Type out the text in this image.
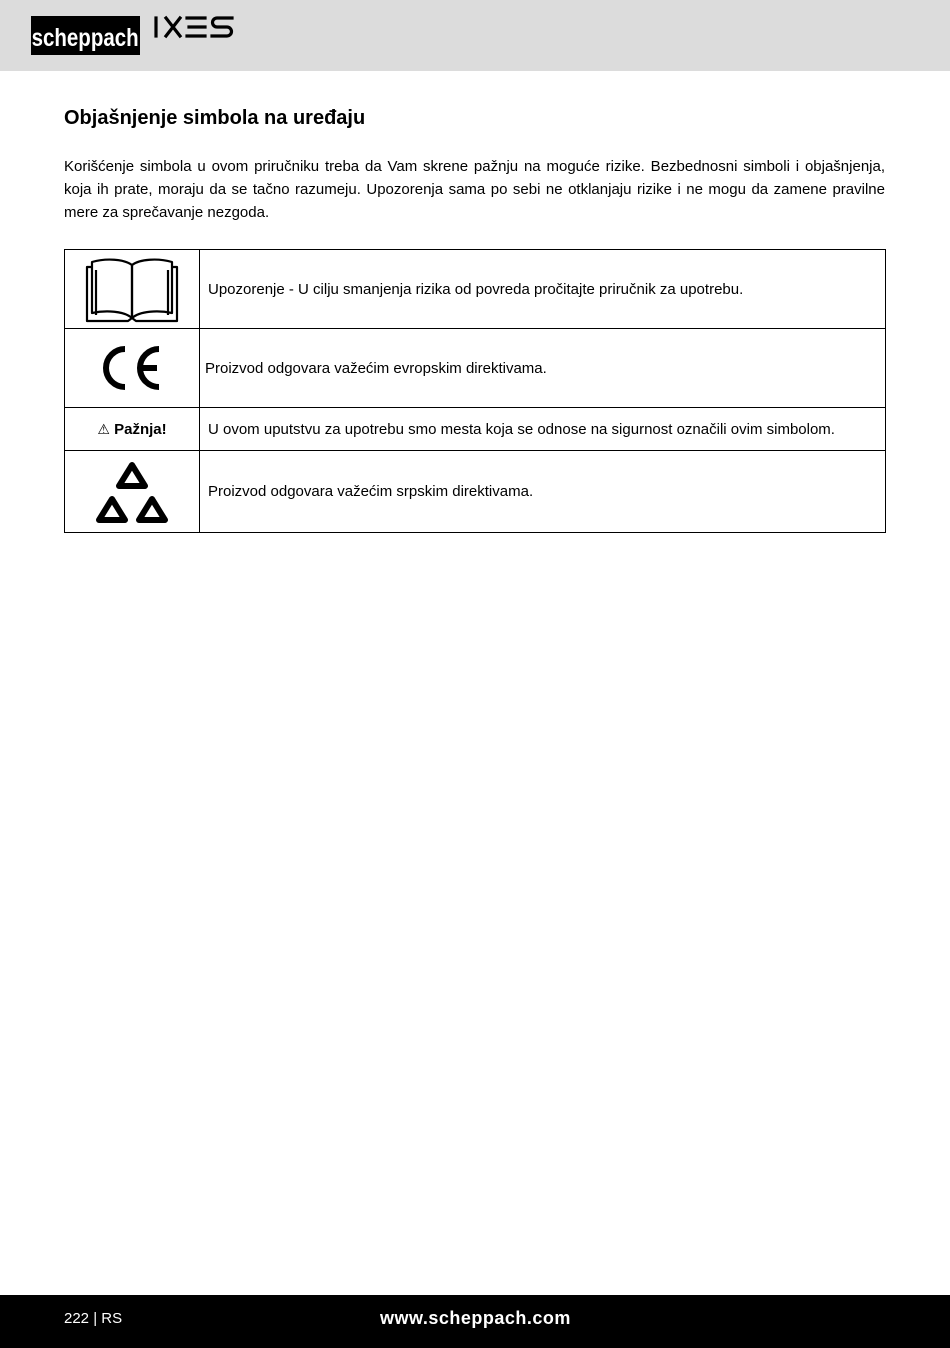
scheppach
Objašnjenje simbola na uređaju

Korišćenje simbola u ovom priručniku treba da Vam skrene pažnju na moguće rizike. Bezbednosni simboli i objašnjenja, koja ih prate, moraju da se tačno razumeju. Upozorenja sama po sebi ne otklanjaju rizike i ne mogu da zamene pravilne mere za sprečavanje nezgoda.

	Upozorenje - U cilju smanjenja rizika od povreda pročitajte priručnik za upotrebu.

	Proizvod odgovara važećim evropskim direktivama.
⚠ Pažnja!	U ovom uputstvu za upotrebu smo mesta koja se odnose na sigurnost označili ovim simbolom.

	Proizvod odgovara važećim srpskim direktivama.
222 | RS	www.scheppach.com
